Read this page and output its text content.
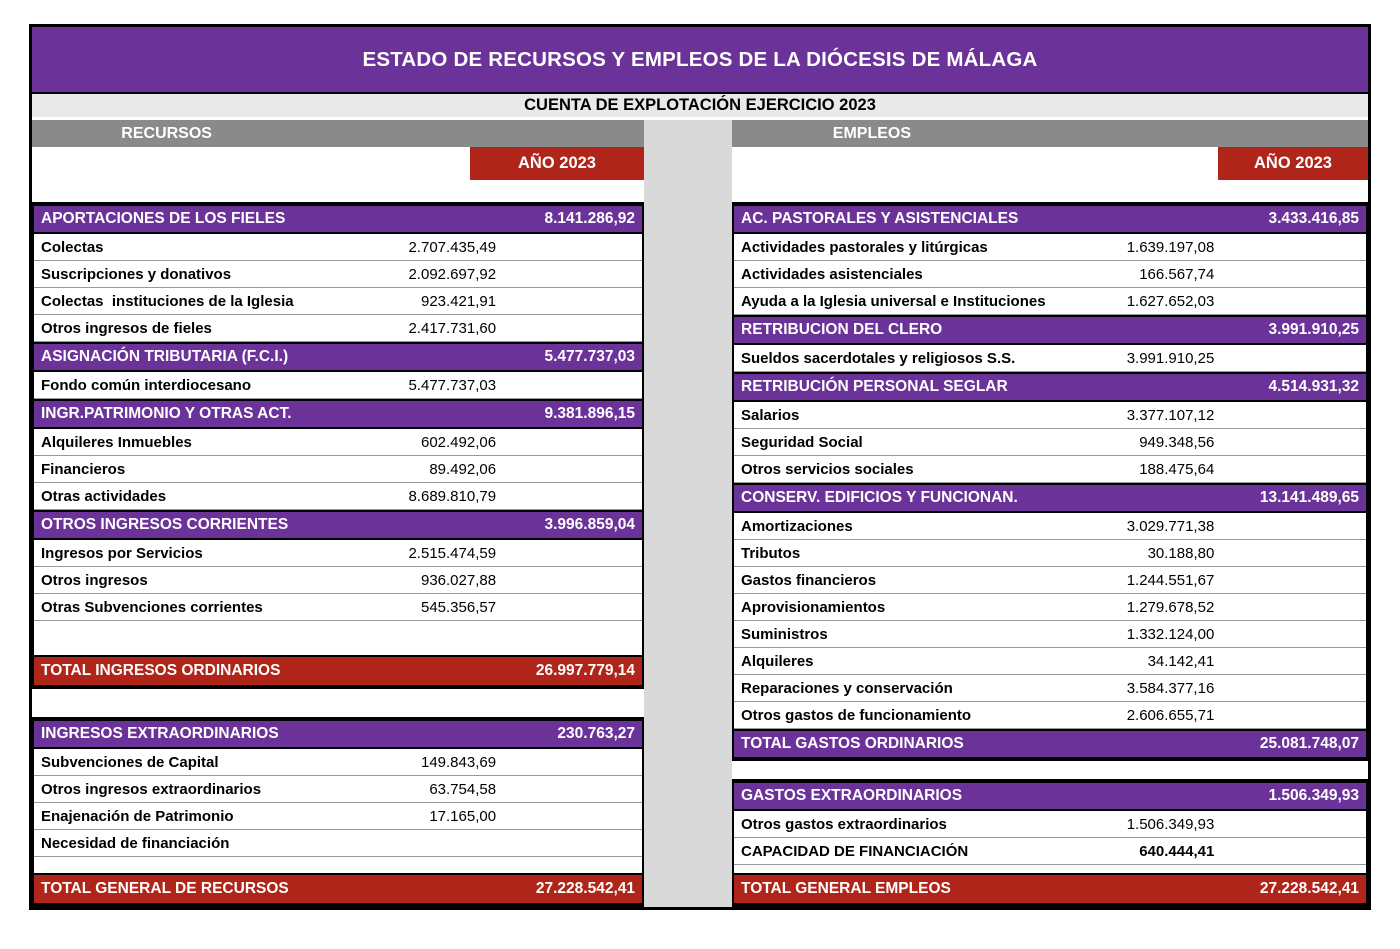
ESTADO DE RECURSOS Y EMPLEOS DE LA DIÓCESIS DE MÁLAGA
CUENTA DE EXPLOTACIÓN EJERCICIO 2023
RECURSOS
AÑO 2023
APORTACIONES DE LOS FIELES	8.141.286,92
Colectas	2.707.435,49
Suscripciones y donativos	2.092.697,92
Colectas  instituciones de la Iglesia	923.421,91
Otros ingresos de fieles	2.417.731,60
ASIGNACIÓN TRIBUTARIA (F.C.I.)	5.477.737,03
Fondo común interdiocesano	5.477.737,03
INGR.PATRIMONIO Y OTRAS ACT.	9.381.896,15
Alquileres Inmuebles	602.492,06
Financieros	89.492,06
Otras actividades	8.689.810,79
OTROS INGRESOS CORRIENTES	3.996.859,04
Ingresos por Servicios	2.515.474,59
Otros ingresos	936.027,88
Otras Subvenciones corrientes	545.356,57
TOTAL INGRESOS ORDINARIOS	26.997.779,14
INGRESOS EXTRAORDINARIOS	230.763,27
Subvenciones de Capital	149.843,69
Otros ingresos extraordinarios	63.754,58
Enajenación de Patrimonio	17.165,00
Necesidad de financiación
TOTAL GENERAL DE RECURSOS	27.228.542,41
EMPLEOS
AÑO 2023
AC. PASTORALES Y ASISTENCIALES	3.433.416,85
Actividades pastorales y litúrgicas	1.639.197,08
Actividades asistenciales	166.567,74
Ayuda a la Iglesia universal e Instituciones	1.627.652,03
RETRIBUCION DEL CLERO	3.991.910,25
Sueldos sacerdotales y religiosos S.S.	3.991.910,25
RETRIBUCIÓN PERSONAL SEGLAR	4.514.931,32
Salarios	3.377.107,12
Seguridad Social	949.348,56
Otros servicios sociales	188.475,64
CONSERV. EDIFICIOS Y FUNCIONAN.	13.141.489,65
Amortizaciones	3.029.771,38
Tributos	30.188,80
Gastos financieros	1.244.551,67
Aprovisionamientos	1.279.678,52
Suministros	1.332.124,00
Alquileres	34.142,41
Reparaciones y conservación	3.584.377,16
Otros gastos de funcionamiento	2.606.655,71
TOTAL GASTOS ORDINARIOS	25.081.748,07
GASTOS EXTRAORDINARIOS	1.506.349,93
Otros gastos extraordinarios	1.506.349,93
CAPACIDAD DE FINANCIACIÓN	640.444,41
TOTAL GENERAL EMPLEOS	27.228.542,41
